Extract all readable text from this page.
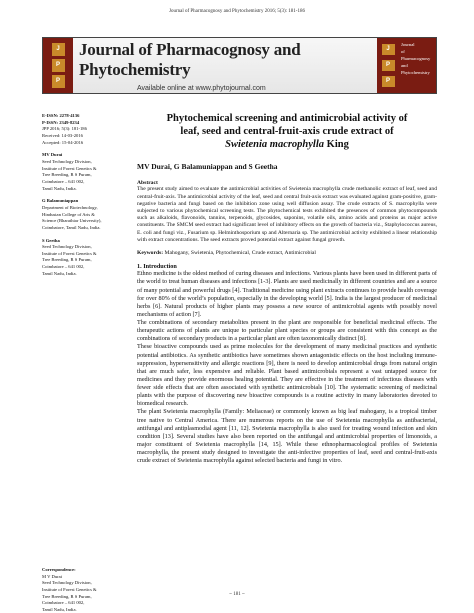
Journal of Pharmacognosy and Phytochemistry 2016; 5(3): 181-186
J
P
P
Journal of Pharmacognosy and Phytochemistry
Available online at www.phytojournal.com
J
P
P
Journal
of
Pharmacognosy
and
Phytochemistry
E-ISSN: 2278-4136
P-ISSN: 2349-8234
JPP 2016; 5(3): 181-186
Received: 14-03-2016
Accepted: 15-04-2016
MV Durai
Seed Technology Division,
Institute of Forest Genetics &
Tree Breeding, R S Puram,
Coimbatore – 641 002,
Tamil Nadu, India.
G Balamuniappan
Department of Biotechnology,
Hindustan College of Arts &
Science (Bharathiar University),
Coimbatore, Tamil Nadu, India.
S Geetha
Seed Technology Division,
Institute of Forest Genetics &
Tree Breeding, R S Puram,
Coimbatore – 641 002,
Tamil Nadu, India.
Correspondence:
M V Durai
Seed Technology Division,
Institute of Forest Genetics &
Tree Breeding, R S Puram,
Coimbatore – 641 002,
Tamil Nadu, India.
Phytochemical screening and antimicrobial activity of
leaf, seed and central-fruit-axis crude extract of
Swietenia macrophylla King
MV Durai, G Balamuniappan and S Geetha
Abstract
The present study aimed to evaluate the antimicrobial activities of Swietenia macrophylla crude methanolic extract of leaf, seed and central-fruit-axis. The antimicrobial activity of the leaf, seed and central fruit-axis extract was evaluated against gram-positive, gram-negative bacteria and fungi based on the inhibition zone using well diffusion assay. The crude extracts of S. macrophylla were subjected to various phytochemical screening tests. The phytochemical tests exhibited the presences of common phytocompounds such as alkaloids, flavonoids, tannins, terpenoids, glycosides, saponins, volatile oils, amino acids and proteins as major active constituents. The SMCM seed extract had significant level of inhibitory effects on the growth of bacteria viz., Staphylococcus aureus, E. coli and fungi viz., Fusarium sp. Helminthosporium sp and Alternaria sp. The antimicrobial activity exhibited a linear relationship with extract concentrations. The seed extracts proved potential extract against fungal growth.
Keywords: Mahogany, Swietenia, Phytochemical, Crude extract, Antimicrobial
1. Introduction

Ethno medicine is the oldest method of curing diseases and infections. Various plants have been used in different parts of the world to treat human diseases and infections [1-3]. Plants are used medicinally in different countries and are a source of many potential and powerful drugs [4]. Traditional medicine using plant extracts continues to provide health coverage for over 80% of the world’s population, especially in the developing world [5]. India is the largest producer of medicinal herbs [6]. Natural products of higher plants may possess a new source of antimicrobial agents with possibly novel mechanisms of action [7].

The combinations of secondary metabolites present in the plant are responsible for beneficial medicinal effects. The therapeutic actions of plants are unique to particular plant species or groups are consistent with this concept as the combinations of secondary products in a particular plant are often taxonomically distinct [8].

These bioactive compounds used as prime molecules for the development of many medicinal practices and synthetic potential antibiotics. As synthetic antibiotics have sometimes shown antagonistic effects on the host including immune-suppression, hypersensitivity and allergic reactions [9], there is need to develop antimicrobial drugs from natural origin that are much safer, less expensive and reliable. Plant based antimicrobials represent a vast untapped source for medicines and they provide enormous healing potential. They are effective in the treatment of infectious diseases with fewer side effects that are often associated with synthetic antimicrobials [10]. The systematic screening of medicinal plants with the purpose of discovering new bioactive compounds is a routine activity in many laboratories devoted to biomedical research.

The plant Swietenia macrophylla (Family: Meliaceae) or commonly known as big leaf mahogany, is a tropical timber tree native to Central America. There are numerous reports on the use of Swietenia macrophylla as antibacterial, antifungal and antiplasmodial agent [11, 12]. Swietenia macrophylla is also used for treating wound infection and skin condition [13]. Several studies have also been reported on the antifungal and antimicrobial properties of limonoids, a major constituent of Swietenia macrophylla [14, 15]. While these ethnopharmacological profiles of Swietenia macrophylla, the present study designed to investigate the anti-infective properties of leaf, seed and central-fruit-axis crude extract of Swietenia macrophylla against selected bacteria and fungi in vitro.

~ 181 ~
